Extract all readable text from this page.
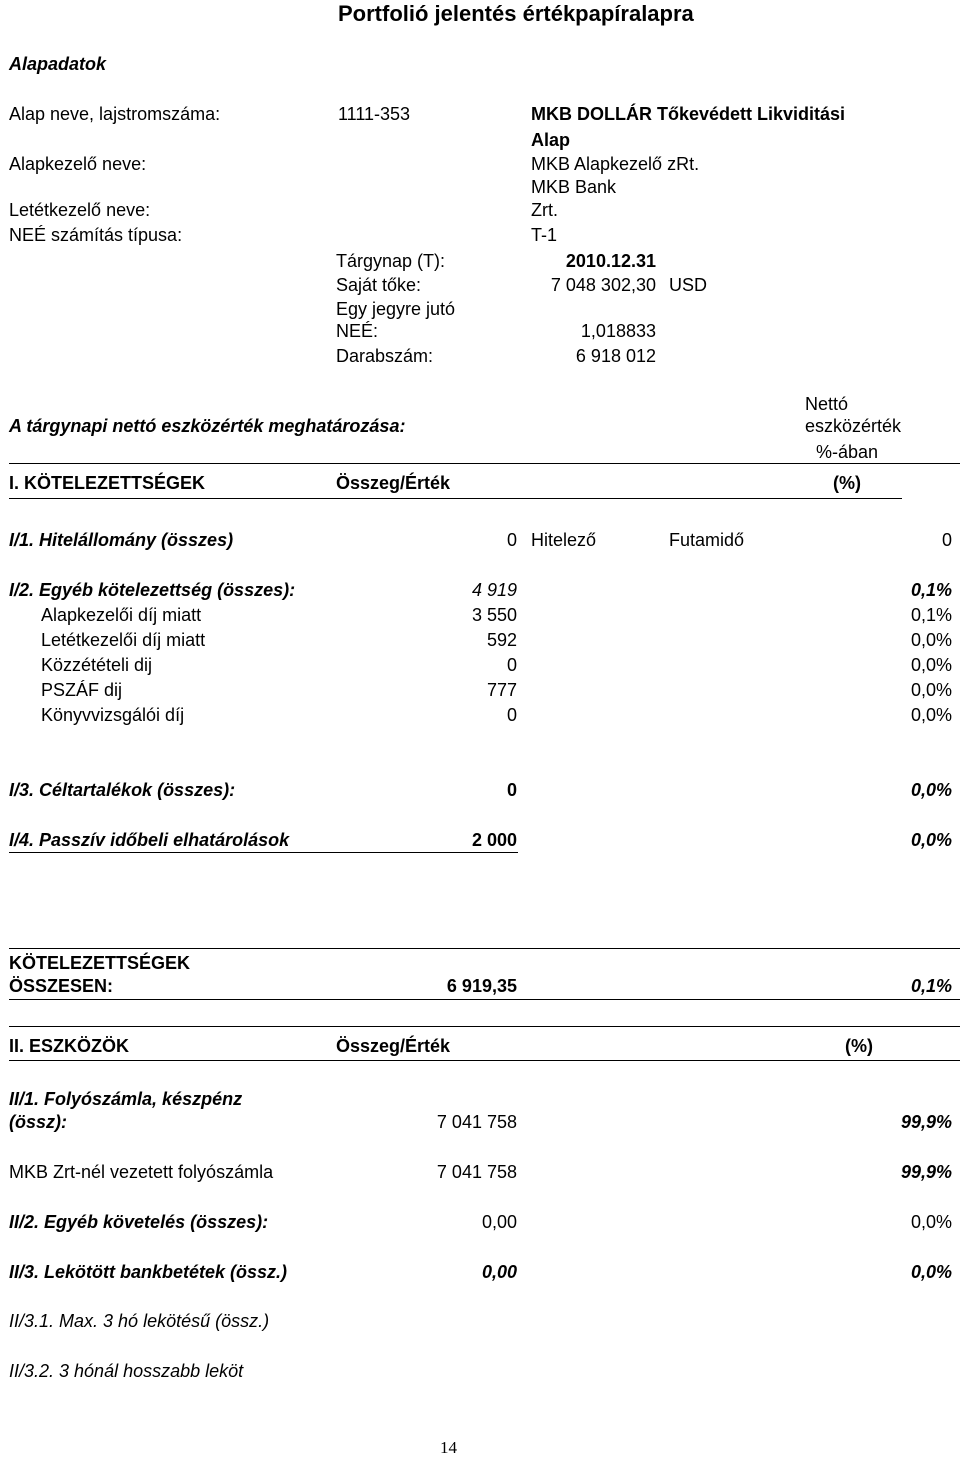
Portfolió jelentés értékpapíralapra
Alapadatok
Alap neve, lajstromszáma:	1111-353	MKB DOLLÁR Tőkevédett Likviditási
Alap
Alapkezelő neve:	MKB Alapkezelő zRt.
MKB Bank
Letétkezelő neve:	Zrt.
NEÉ számítás típusa:	T-1
Tárgynap (T):	2010.12.31
Saját tőke:	7 048 302,30 USD
Egy jegyre jutó
NEÉ:	1,018833
Darabszám:	6 918 012
Nettó
A tárgynapi nettó eszközérték meghatározása:	eszközérték
%-ában
I. KÖTELEZETTSÉGEK	Összeg/Érték	(%)
I/1. Hitelállomány (összes)	0 Hitelező	Futamidő	0
I/2. Egyéb kötelezettség (összes):	4 919	0,1%
Alapkezelői díj miatt	3 550	0,1%
Letétkezelői díj miatt	592	0,0%
Közzétételi dij	0	0,0%
PSZÁF dij	777	0,0%
Könyvvizsgálói díj	0	0,0%
I/3. Céltartalékok (összes):	0	0,0%
I/4. Passzív időbeli elhatárolások	2 000	0,0%
KÖTELEZETTSÉGEK
ÖSSZESEN:	6 919,35	0,1%
II. ESZKÖZÖK	Összeg/Érték	(%)
II/1. Folyószámla, készpénz
(össz):	7 041 758	99,9%
MKB Zrt-nél vezetett folyószámla	7 041 758	99,9%
II/2. Egyéb követelés (összes):	0,00	0,0%
II/3. Lekötött bankbetétek (össz.)	0,00	0,0%
II/3.1. Max. 3 hó lekötésű (össz.)
II/3.2. 3 hónál hosszabb leköt
14
